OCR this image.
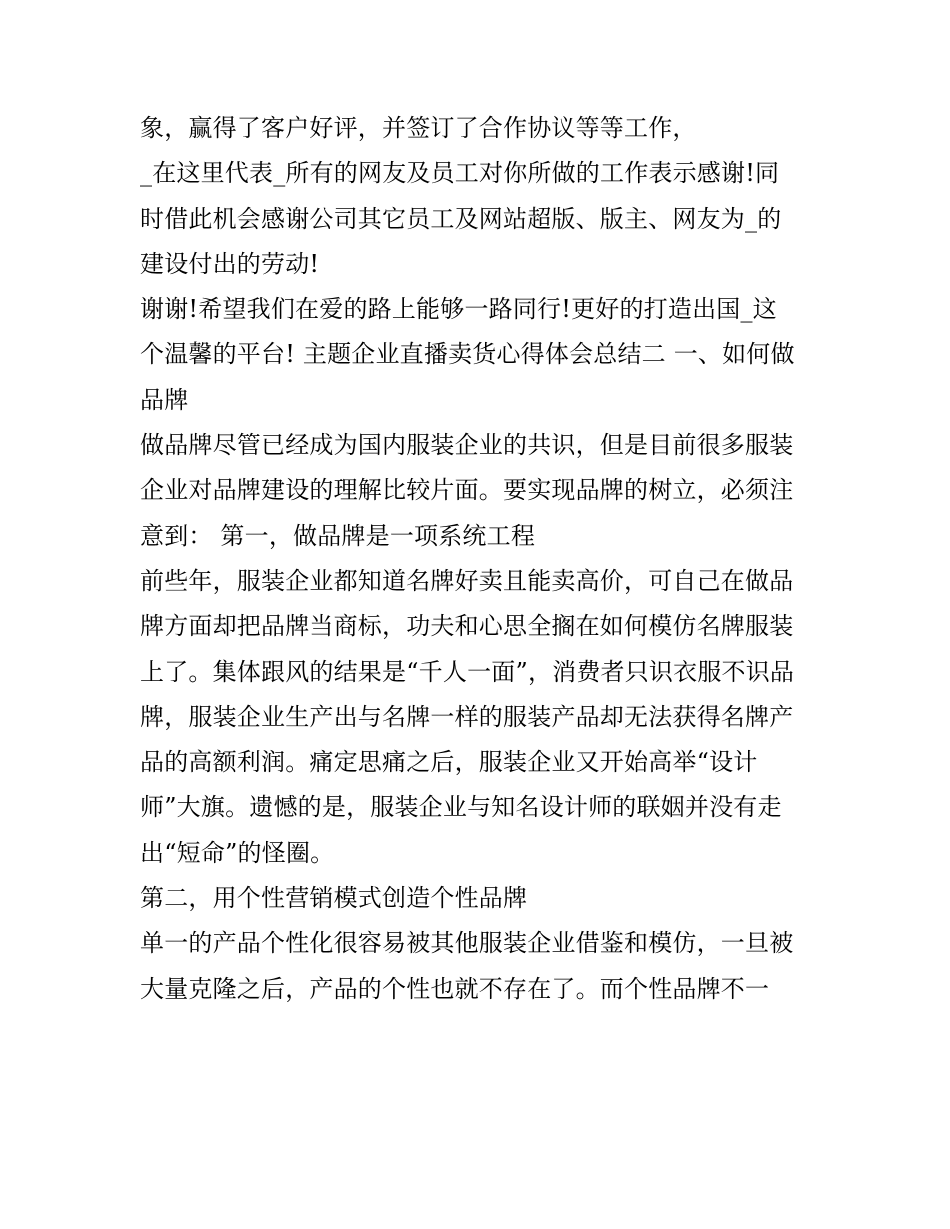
象，赢得了客户好评，并签订了合作协议等等工作，
_在这里代表_所有的网友及员工对你所做的工作表示感谢!同
时借此机会感谢公司其它员工及网站超版、版主、网友为_的
建设付出的劳动!
谢谢!希望我们在爱的路上能够一路同行!更好的打造出国_这
个温馨的平台! 主题企业直播卖货心得体会总结二 一、如何做
品牌
做品牌尽管已经成为国内服装企业的共识，但是目前很多服装
企业对品牌建设的理解比较片面。要实现品牌的树立，必须注
意到： 第一，做品牌是一项系统工程
前些年，服装企业都知道名牌好卖且能卖高价，可自己在做品
牌方面却把品牌当商标，功夫和心思全搁在如何模仿名牌服装
上了。集体跟风的结果是“千人一面”，消费者只识衣服不识品
牌，服装企业生产出与名牌一样的服装产品却无法获得名牌产
品的高额利润。痛定思痛之后，服装企业又开始高举“设计
师”大旗。遗憾的是，服装企业与知名设计师的联姻并没有走
出“短命”的怪圈。
第二，用个性营销模式创造个性品牌
单一的产品个性化很容易被其他服装企业借鉴和模仿，一旦被
大量克隆之后，产品的个性也就不存在了。而个性品牌不一
